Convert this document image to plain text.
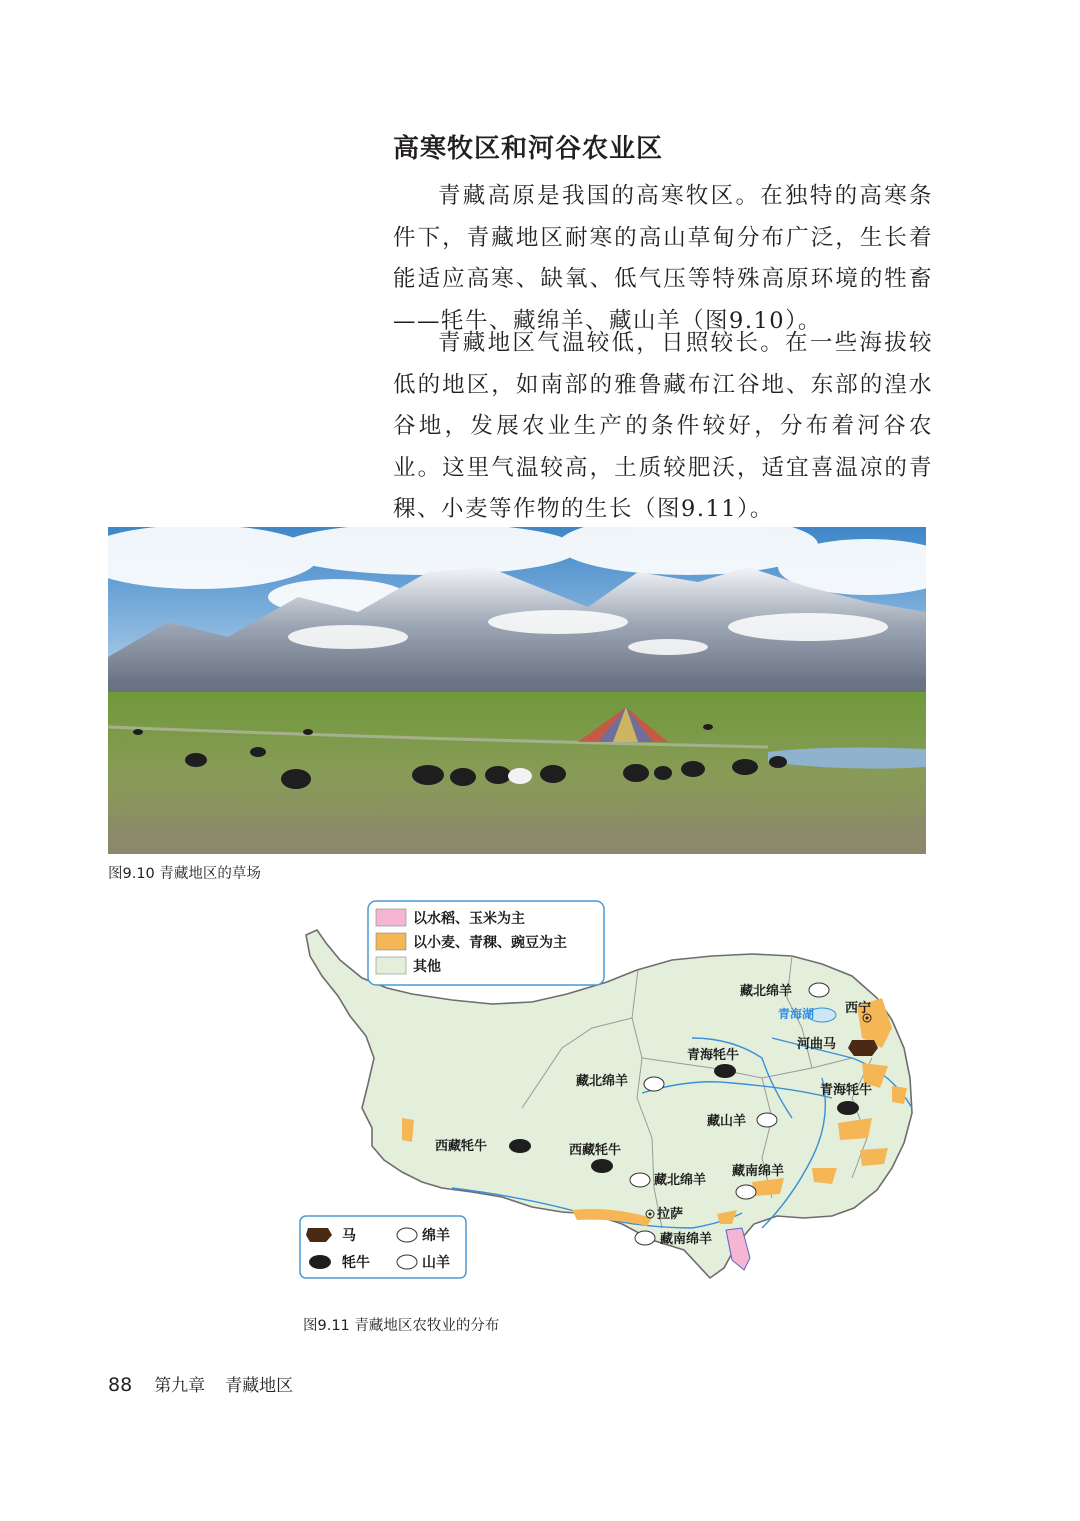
高寒牧区和河谷农业区

青藏高原是我国的高寒牧区。在独特的高寒条件下，青藏地区耐寒的高山草甸分布广泛，生长着能适应高寒、缺氧、低气压等特殊高原环境的牲畜——牦牛、藏绵羊、藏山羊（图9.10）。

青藏地区气温较低，日照较长。在一些海拔较低的地区，如南部的雅鲁藏布江谷地、东部的湟水谷地，发展农业生产的条件较好，分布着河谷农业。这里气温较高，土质较肥沃，适宜喜温凉的青稞、小麦等作物的生长（图9.11）。

图9.10 青藏地区的草场
藏北绵羊
西宁
青海湖
河曲马
青海牦牛
藏北绵羊
青海牦牛
藏山羊
西藏牦牛	西藏牦牛
藏北绵羊
藏南绵羊
拉萨
藏南绵羊
以水稻、玉米为主
以小麦、青稞、豌豆为主
其他
马
牦牛
绵羊
山羊
图9.11 青藏地区农牧业的分布
88 第九章 青藏地区
